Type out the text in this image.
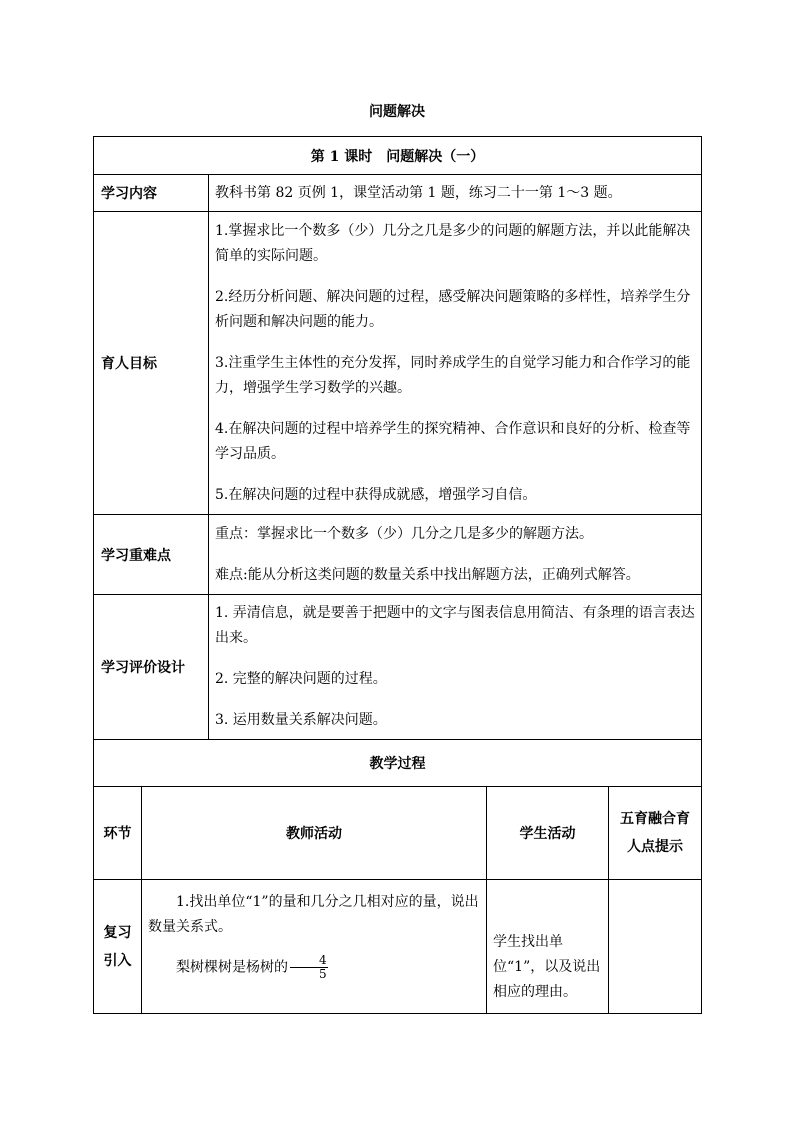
问题解决
第 1 课时　问题解决（一）				
学习内容		教科书第 82 页例 1，课堂活动第 1 题，练习二十一第 1～3 题。		
育人目标		1.掌握求比一个数多（少）几分之几是多少的问题的解题方法，并以此能解决简单的实际问题。

2.经历分析问题、解决问题的过程，感受解决问题策略的多样性，培养学生分析问题和解决问题的能力。

3.注重学生主体性的充分发挥，同时养成学生的自觉学习能力和合作学习的能力，增强学生学习数学的兴趣。

4.在解决问题的过程中培养学生的探究精神、合作意识和良好的分析、检查等学习品质。

5.在解决问题的过程中获得成就感，增强学习自信。		

学习重难点		重点：掌握求比一个数多（少）几分之几是多少的解题方法。

难点:能从分析这类问题的数量关系中找出解题方法，正确列式解答。		

学习评价设计		1. 弄清信息，就是要善于把题中的文字与图表信息用简洁、有条理的语言表达出来。

2. 完整的解决问题的过程。

3. 运用数量关系解决问题。		

教学过程				
环节	教师活动		学生活动	五育融合育人点提示
复习引入	1.找出单位“1”的量和几分之几相对应的量，说出数量关系式。

梨树棵树是杨树的 $\frac{4}{5}$		学生找出单位“1”，以及说出相应的理由。	
